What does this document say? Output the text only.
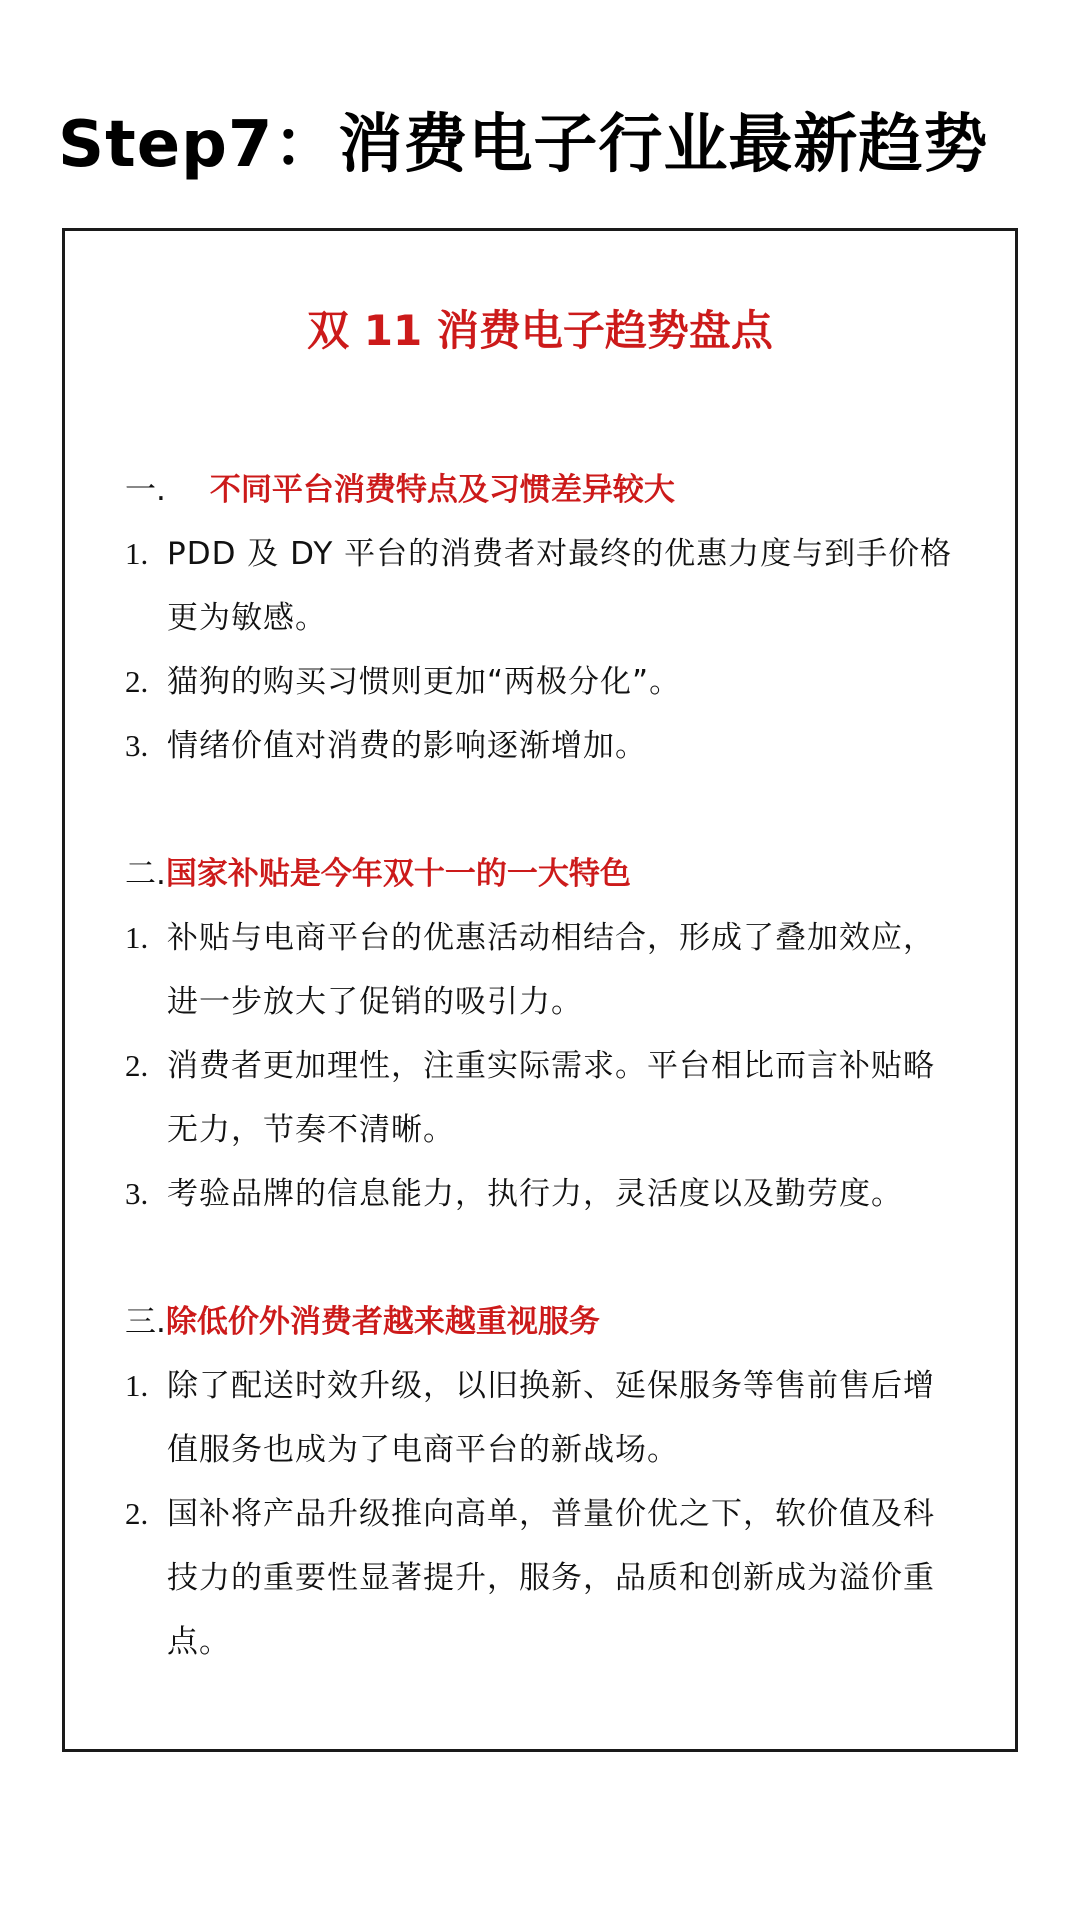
Step7：消费电子行业最新趋势
双 11 消费电子趋势盘点
一. 不同平台消费特点及习惯差异较大
1. PDD 及 DY 平台的消费者对最终的优惠力度与到手价格更为敏感。
2. 猫狗的购买习惯则更加“两极分化”。
3. 情绪价值对消费的影响逐渐增加。
二.国家补贴是今年双十一的一大特色
1. 补贴与电商平台的优惠活动相结合，形成了叠加效应，进一步放大了促销的吸引力。
2. 消费者更加理性，注重实际需求。平台相比而言补贴略无力，节奏不清晰。
3. 考验品牌的信息能力，执行力，灵活度以及勤劳度。
三.除低价外消费者越来越重视服务
1. 除了配送时效升级，以旧换新、延保服务等售前售后增值服务也成为了电商平台的新战场。
2. 国补将产品升级推向高单，普量价优之下，软价值及科技力的重要性显著提升，服务，品质和创新成为溢价重点。
